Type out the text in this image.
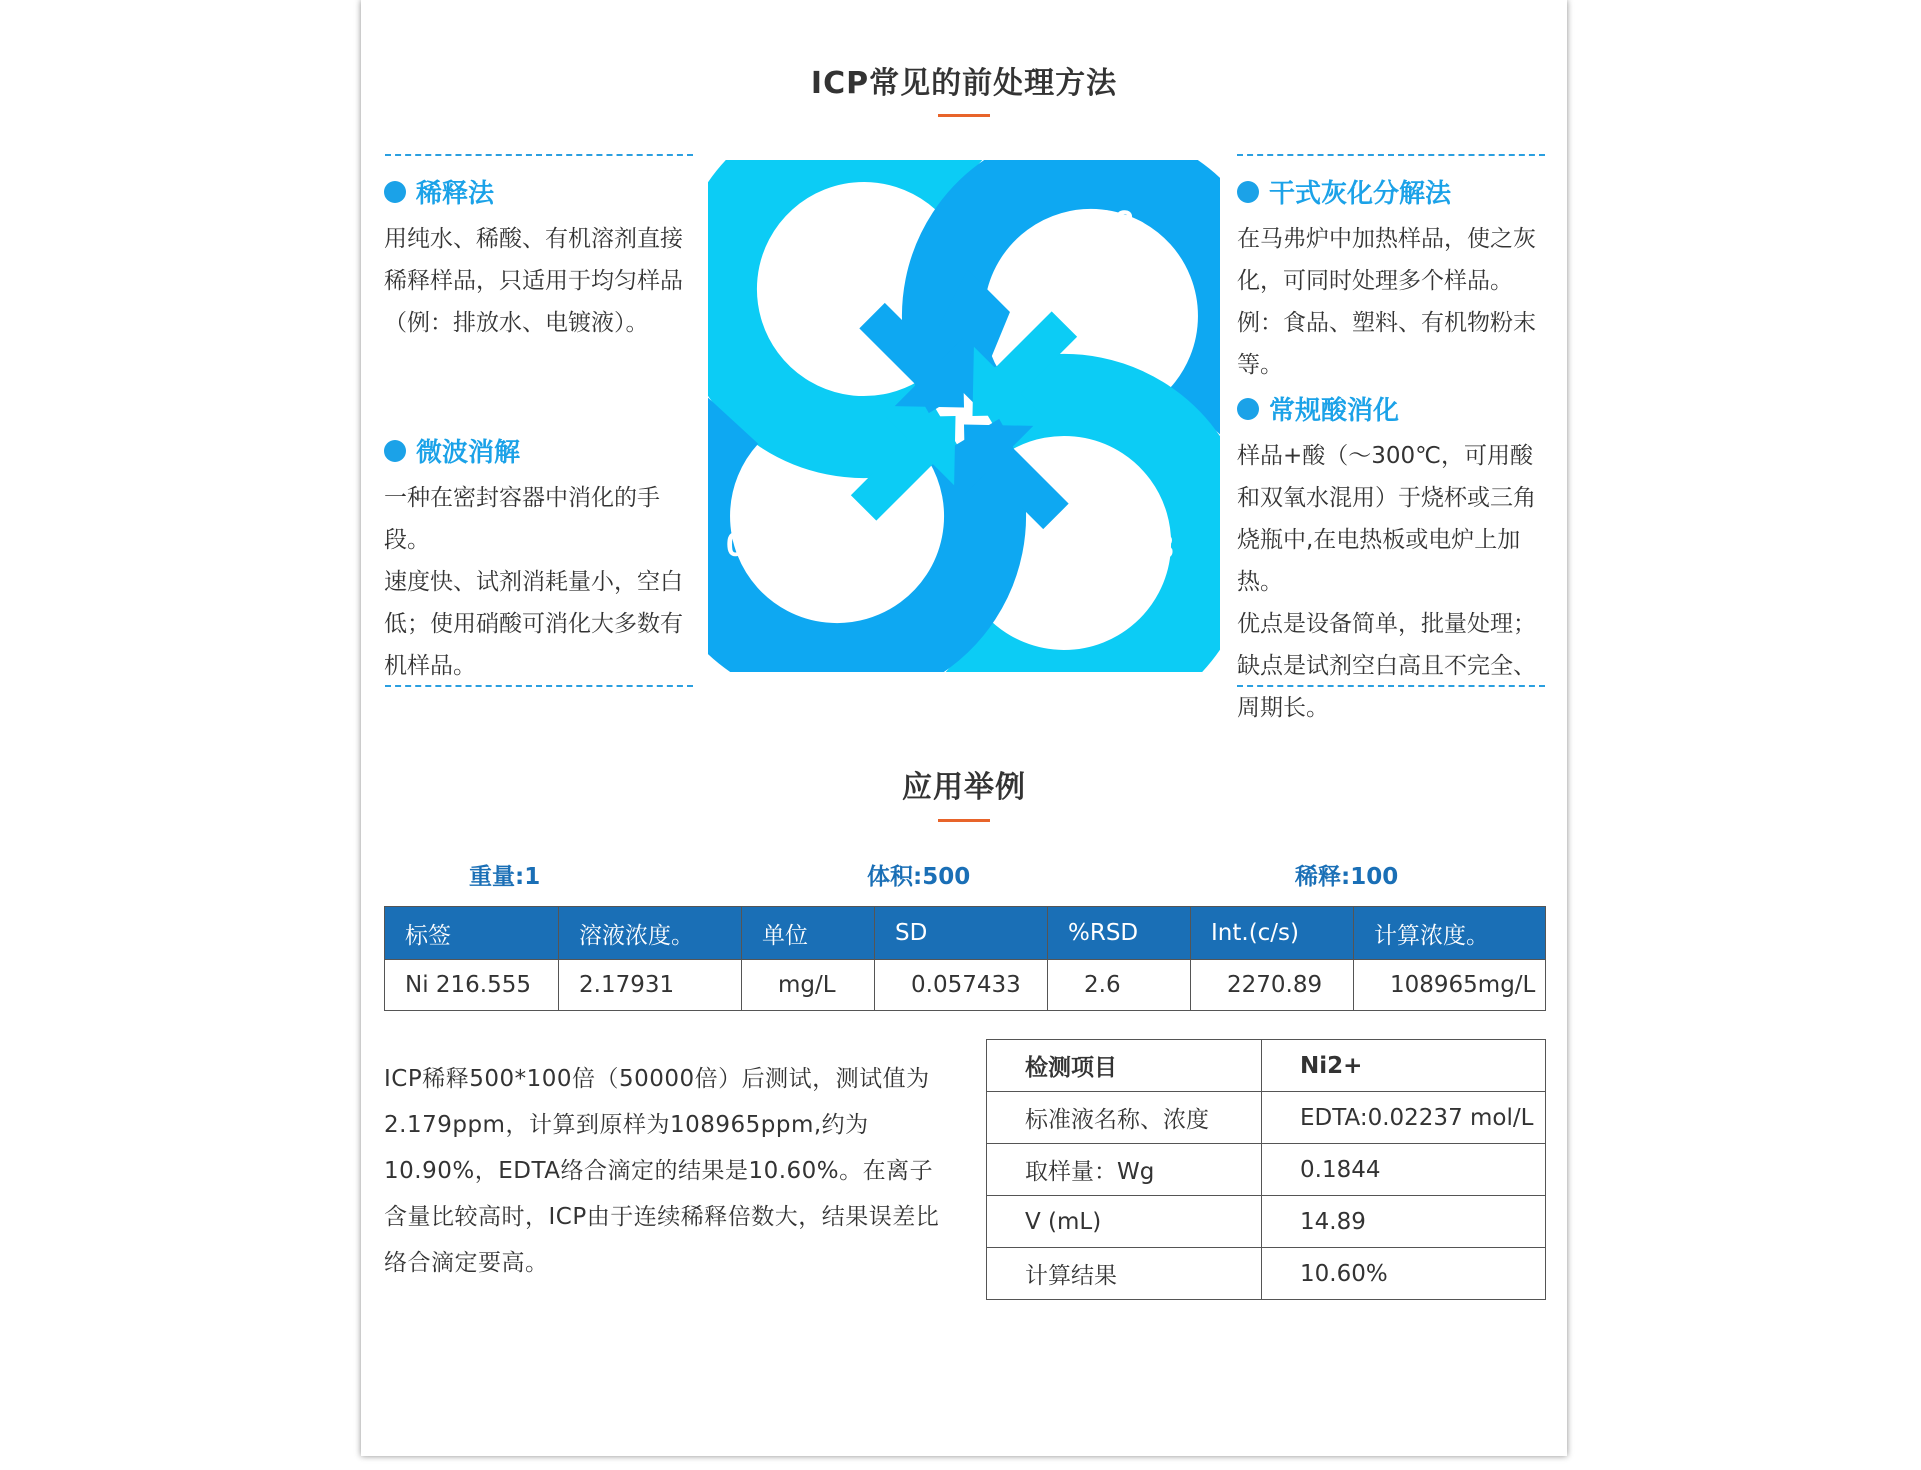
ICP常见的前处理方法
稀释法

用纯水、稀酸、有机溶剂直接稀释样品，只适用于均匀样品（例：排放水、电镀液）。

微波消解

一种在密封容器中消化的手段。

速度快、试剂消耗量小，空白低；使用硝酸可消化大多数有机样品。

干式灰化分解法

在马弗炉中加热样品，使之灰化，可同时处理多个样品。例：食品、塑料、有机物粉末等。

常规酸消化

样品+酸（～300℃，可用酸和双氧水混用）于烧杯或三角烧瓶中,在电热板或电炉上加热。

优点是设备简单，批量处理；缺点是试剂空白高且不完全、周期长。

01	02
03
04
应用举例
重量:1	体积:500	稀释:100
标签	溶液浓度。	单位	SD	%RSD	Int.(c/s)	计算浓度。
Ni 216.555	2.17931	mg/L	0.057433	2.6	2270.89	108965mg/L

ICP稀释500*100倍（50000倍）后测试，测试值为2.179ppm，计算到原样为108965ppm,约为10.90%，EDTA络合滴定的结果是10.60%。在离子含量比较高时，ICP由于连续稀释倍数大，结果误差比络合滴定要高。

检测项目	Ni2+
标准液名称、浓度	EDTA:0.02237 mol/L
取样量：Wg	0.1844
V (mL)	14.89
计算结果	10.60%
